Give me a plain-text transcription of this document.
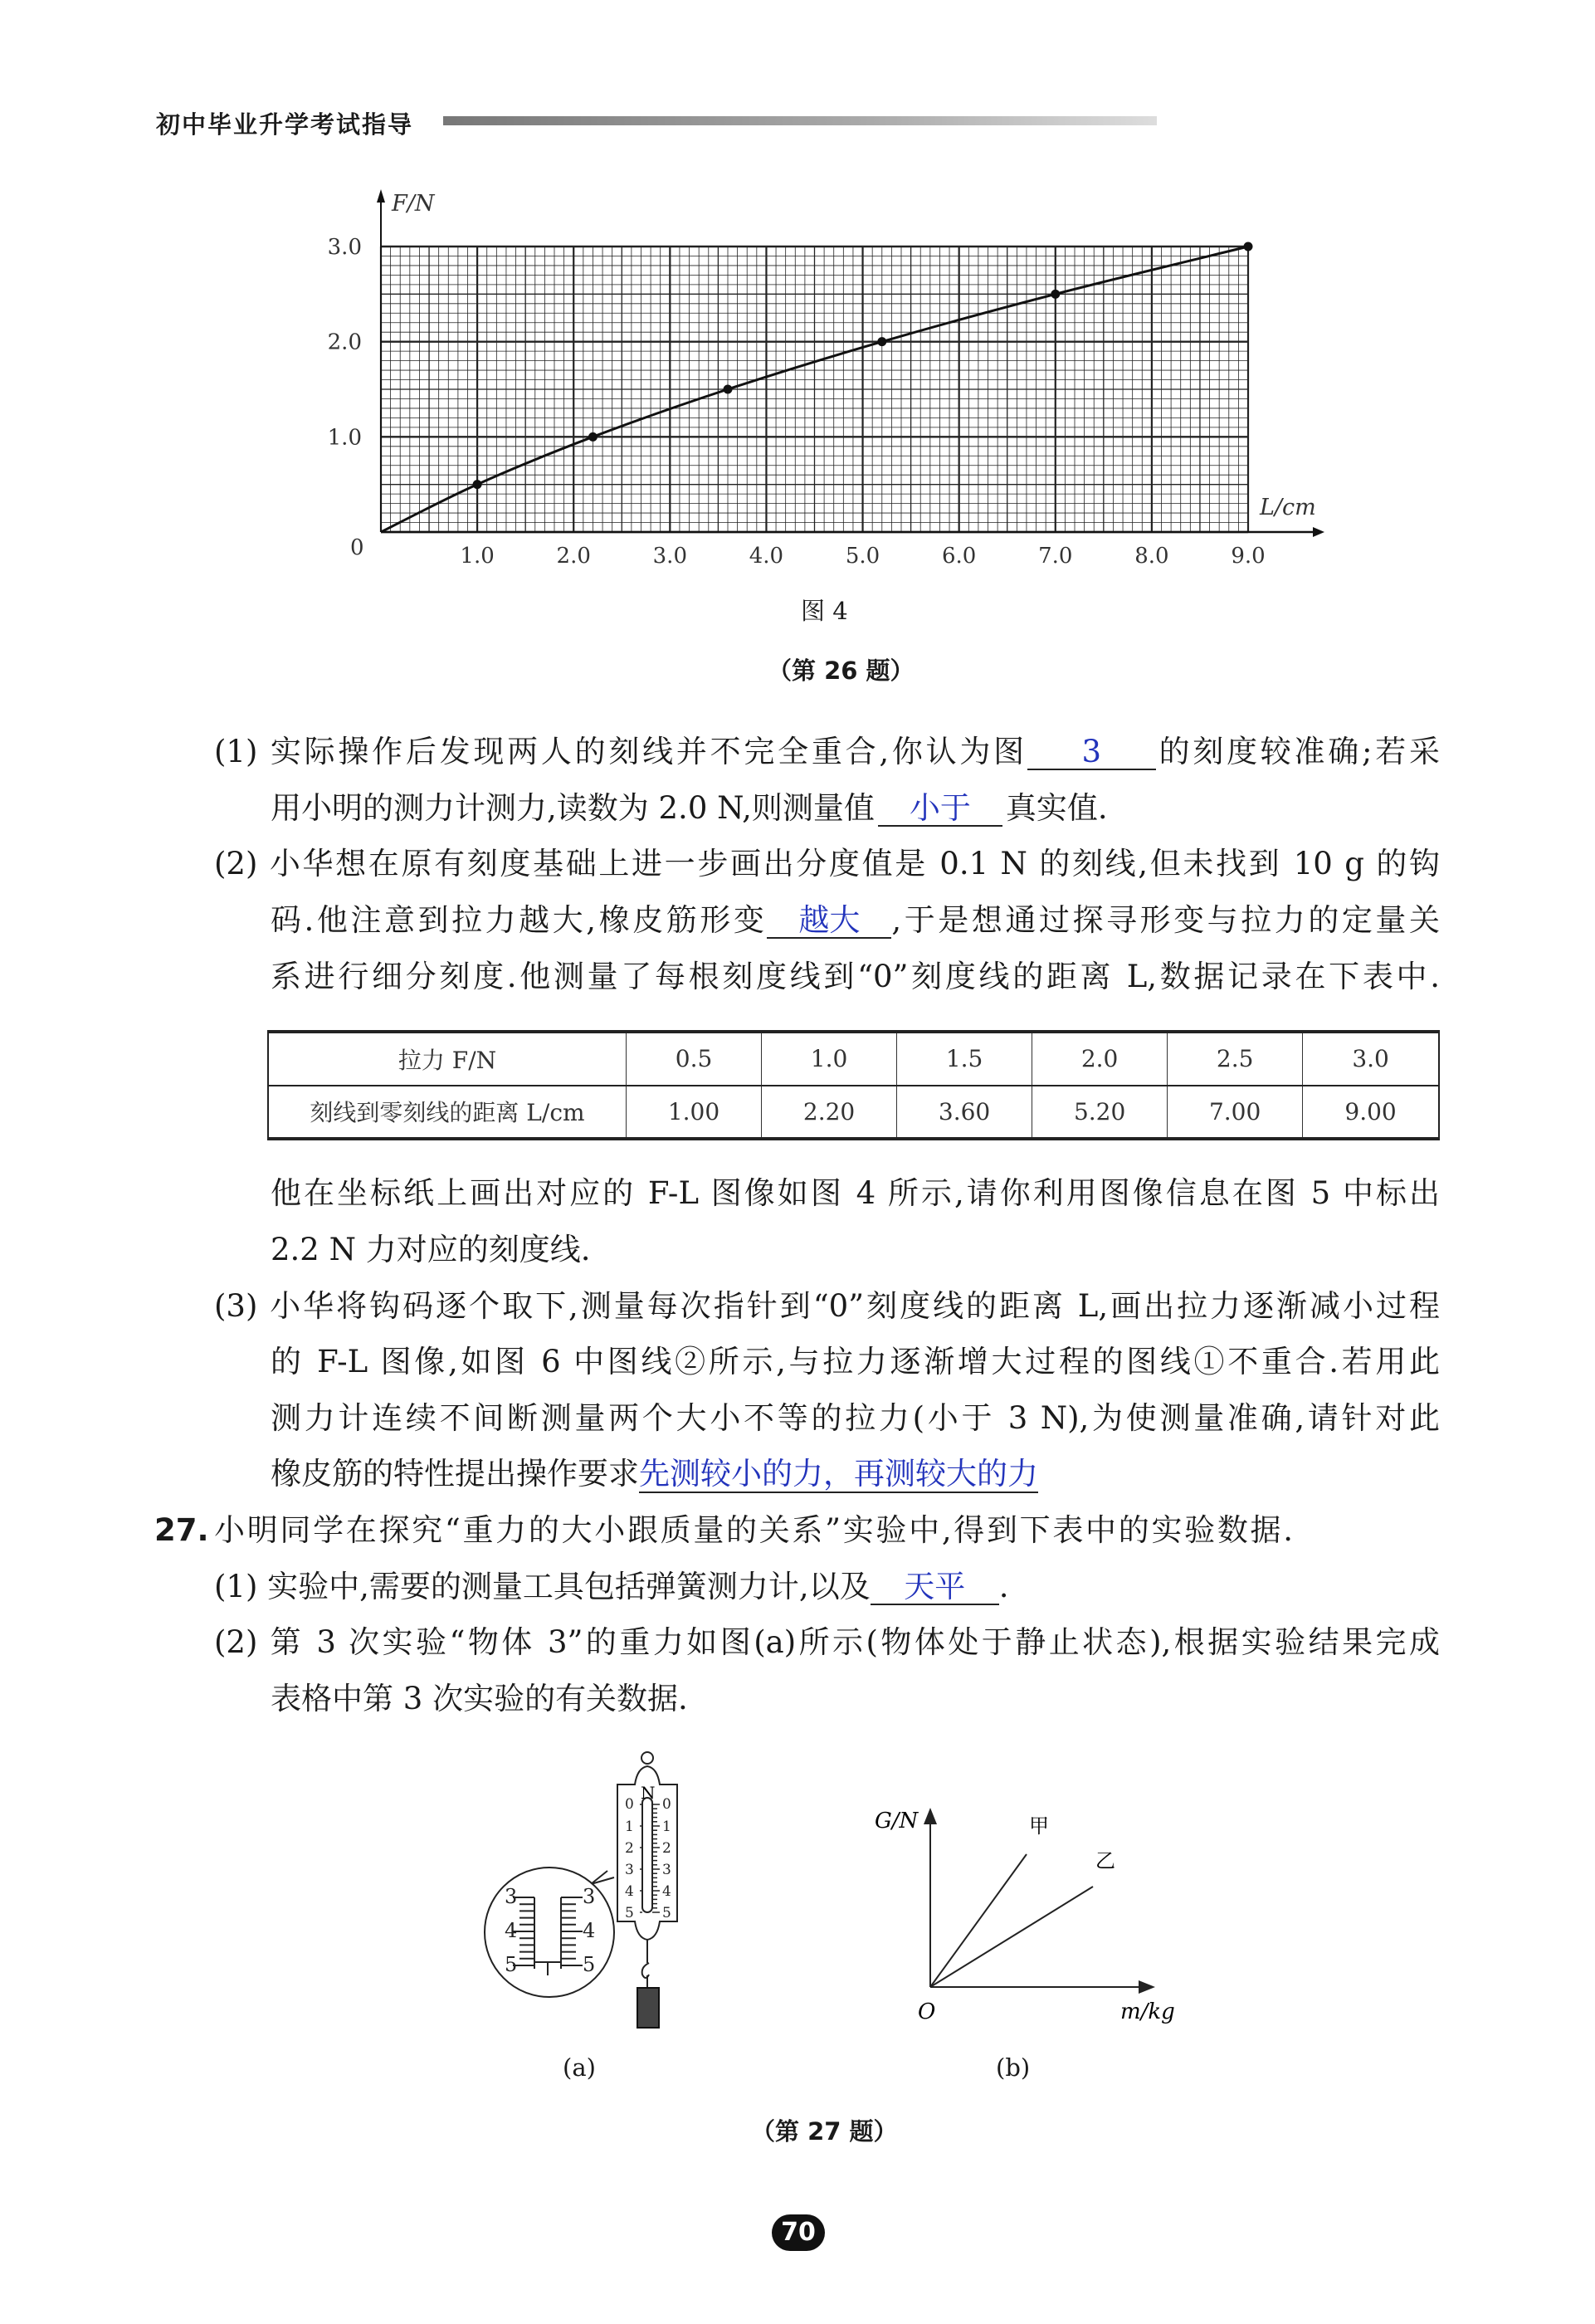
初中毕业升学考试指导
1.0	2.0	3.0	4.0	5.0	6.0	7.0	8.0	9.0
1.0
2.0
3.0
0
F/N
L/cm
图 4
（第 26 题）
(1) 实际操作后发现两人的刻线并不完全重合,你认为图 3 的刻度较准确;若采
用小明的测力计测力,读数为 2.0 N,则测量值 小于 真实值.
(2) 小华想在原有刻度基础上进一步画出分度值是 0.1 N 的刻线,但未找到 10 g 的钩
码.他注意到拉力越大,橡皮筋形变 越大 ,于是想通过探寻形变与拉力的定量关
系进行细分刻度.他测量了每根刻度线到“0”刻度线的距离 L,数据记录在下表中.
拉力 F/N	0.5	1.0	1.5	2.0	2.5	3.0
刻线到零刻线的距离 L/cm	1.00	2.20	3.60	5.20	7.00	9.00
他在坐标纸上画出对应的 F-L 图像如图 4 所示,请你利用图像信息在图 5 中标出
2.2 N 力对应的刻度线.
(3) 小华将钩码逐个取下,测量每次指针到“0”刻度线的距离 L,画出拉力逐渐减小过程
的 F-L 图像,如图 6 中图线②所示,与拉力逐渐增大过程的图线①不重合.若用此
测力计连续不间断测量两个大小不等的拉力(小于 3 N),为使测量准确,请针对此
橡皮筋的特性提出操作要求先测较小的力，再测较大的力
27. 小明同学在探究“重力的大小跟质量的关系”实验中,得到下表中的实验数据.
(1) 实验中,需要的测量工具包括弹簧测力计,以及 天平 .
(2) 第 3 次实验“物体 3”的重力如图(a)所示(物体处于静止状态),根据实验结果完成
表格中第 3 次实验的有关数据.
N
0 0
1 1
2 2
3 3
4 4
5 5
3	3
4	4
5	5
(a)
G/N	甲
乙
O	m/kg
(b)
（第 27 题）
70
